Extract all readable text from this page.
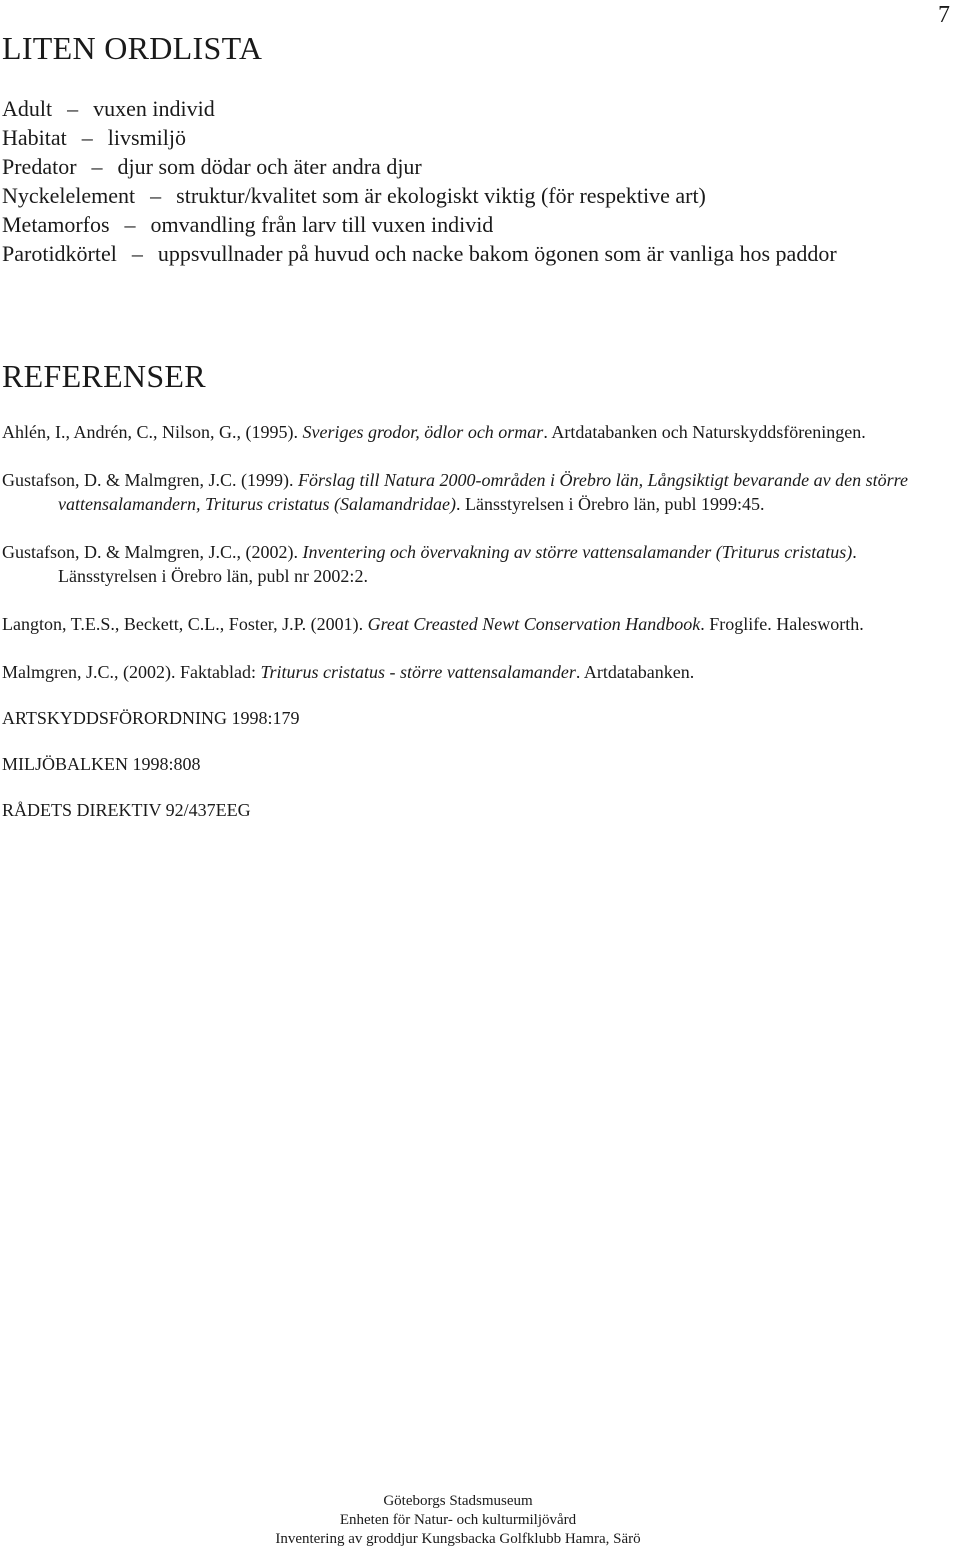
7
LITEN ORDLISTA
Adult – vuxen individ
Habitat – livsmiljö
Predator – djur som dödar och äter andra djur
Nyckelelement – struktur/kvalitet som är ekologiskt viktig (för respektive art)
Metamorfos – omvandling från larv till vuxen individ
Parotidkörtel – uppsvullnader på huvud och nacke bakom ögonen som är vanliga hos paddor
REFERENSER

Ahlén, I., Andrén, C., Nilson, G., (1995). Sveriges grodor, ödlor och ormar. Artdatabanken och Naturskyddsföreningen.

Gustafson, D. & Malmgren, J.C. (1999). Förslag till Natura 2000-områden i Örebro län, Långsiktigt bevarande av den större vattensalamandern, Triturus cristatus (Salamandridae). Länsstyrelsen i Örebro län, publ 1999:45.

Gustafson, D. & Malmgren, J.C., (2002). Inventering och övervakning av större vattensalamander (Triturus cristatus). Länsstyrelsen i Örebro län, publ nr 2002:2.

Langton, T.E.S., Beckett, C.L., Foster, J.P. (2001). Great Creasted Newt Conservation Handbook. Froglife. Halesworth.

Malmgren, J.C., (2002). Faktablad: Triturus cristatus - större vattensalamander. Artdatabanken.

ARTSKYDDSFÖRORDNING 1998:179

MILJÖBALKEN 1998:808

RÅDETS DIREKTIV 92/437EEG

Göteborgs Stadsmuseum
Enheten för Natur- och kulturmiljövård
Inventering av groddjur Kungsbacka Golfklubb Hamra, Särö
